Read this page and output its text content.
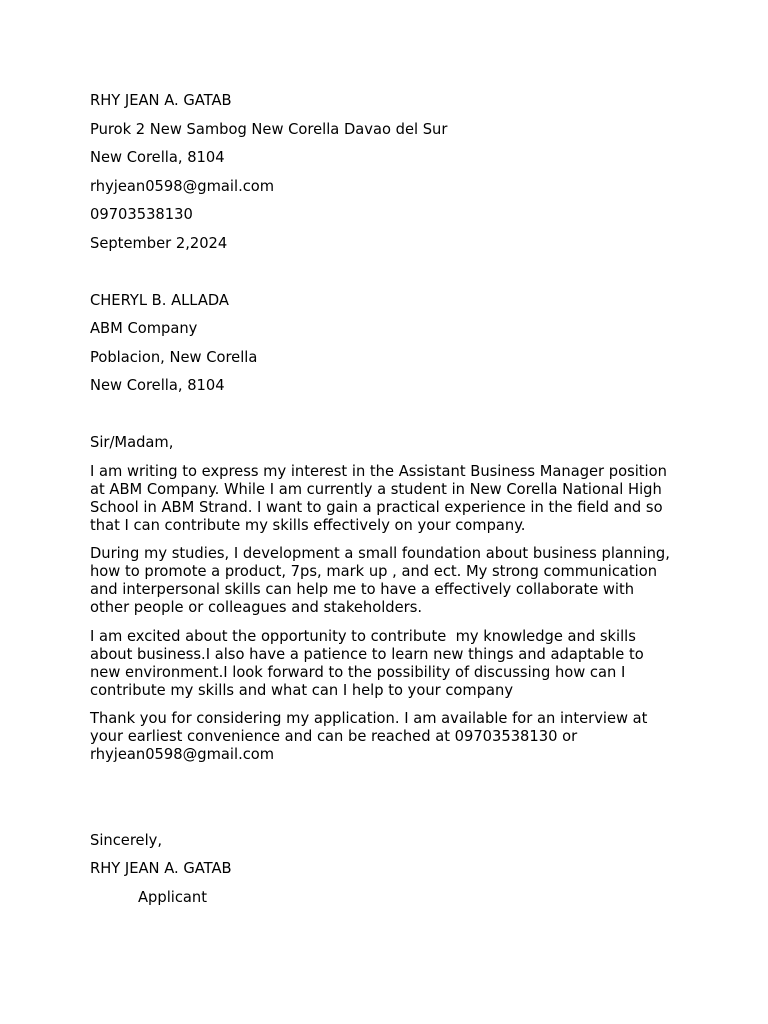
RHY JEAN A. GATAB
Purok 2 New Sambog New Corella Davao del Sur
New Corella, 8104
rhyjean0598@gmail.com
09703538130
September 2,2024
CHERYL B. ALLADA
ABM Company
Poblacion, New Corella
New Corella, 8104
Sir/Madam,
I am writing to express my interest in the Assistant Business Manager position at ABM Company. While I am currently a student in New Corella National High School in ABM Strand. I want to gain a practical experience in the field and so that I can contribute my skills effectively on your company.
During my studies, I development a small foundation about business planning, how to promote a product, 7ps, mark up , and ect. My strong communication and interpersonal skills can help me to have a effectively collaborate with other people or colleagues and stakeholders.
I am excited about the opportunity to contribute  my knowledge and skills about business.I also have a patience to learn new things and adaptable to new environment.I look forward to the possibility of discussing how can I contribute my skills and what can I help to your company
Thank you for considering my application. I am available for an interview at your earliest convenience and can be reached at 09703538130 or rhyjean0598@gmail.com
Sincerely,
RHY JEAN A. GATAB
Applicant
